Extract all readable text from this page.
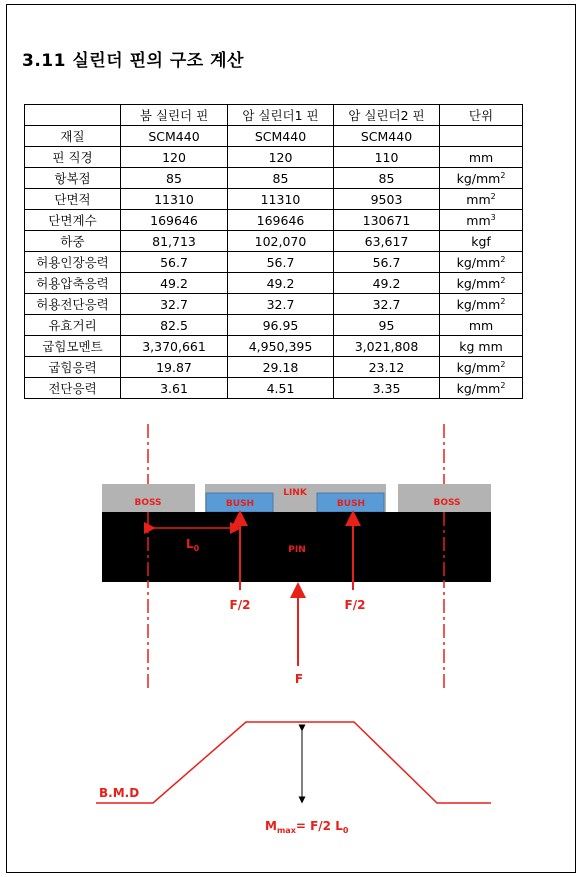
3.11 실린더 핀의 구조 계산
	붐 실린더 핀	암 실린더1 핀	암 실린더2 핀	단위
재질	SCM440	SCM440	SCM440	
핀 직경	120	120	110	mm
항복점	85	85	85	$kg/mm^2$
단면적	11310	11310	9503	$mm^2$
단면계수	169646	169646	130671	$mm^3$
하중	81,713	102,070	63,617	kgf
허용인장응력	56.7	56.7	56.7	$kg/mm^2$
허용압축응력	49.2	49.2	49.2	$kg/mm^2$
허용전단응력	32.7	32.7	32.7	$kg/mm^2$
유효거리	82.5	96.95	95	mm
굽힘모멘트	3,370,661	4,950,395	3,021,808	kg mm
굽힘응력	19.87	29.18	23.12	$kg/mm^2$
전단응력	3.61	4.51	3.35	$kg/mm^2$
BOSS	BOSS
LINK
BUSH	BUSH
PIN
$L_0$
F/2	F/2
F
B.M.D
$M_{max}= F/2$ $L_0$
